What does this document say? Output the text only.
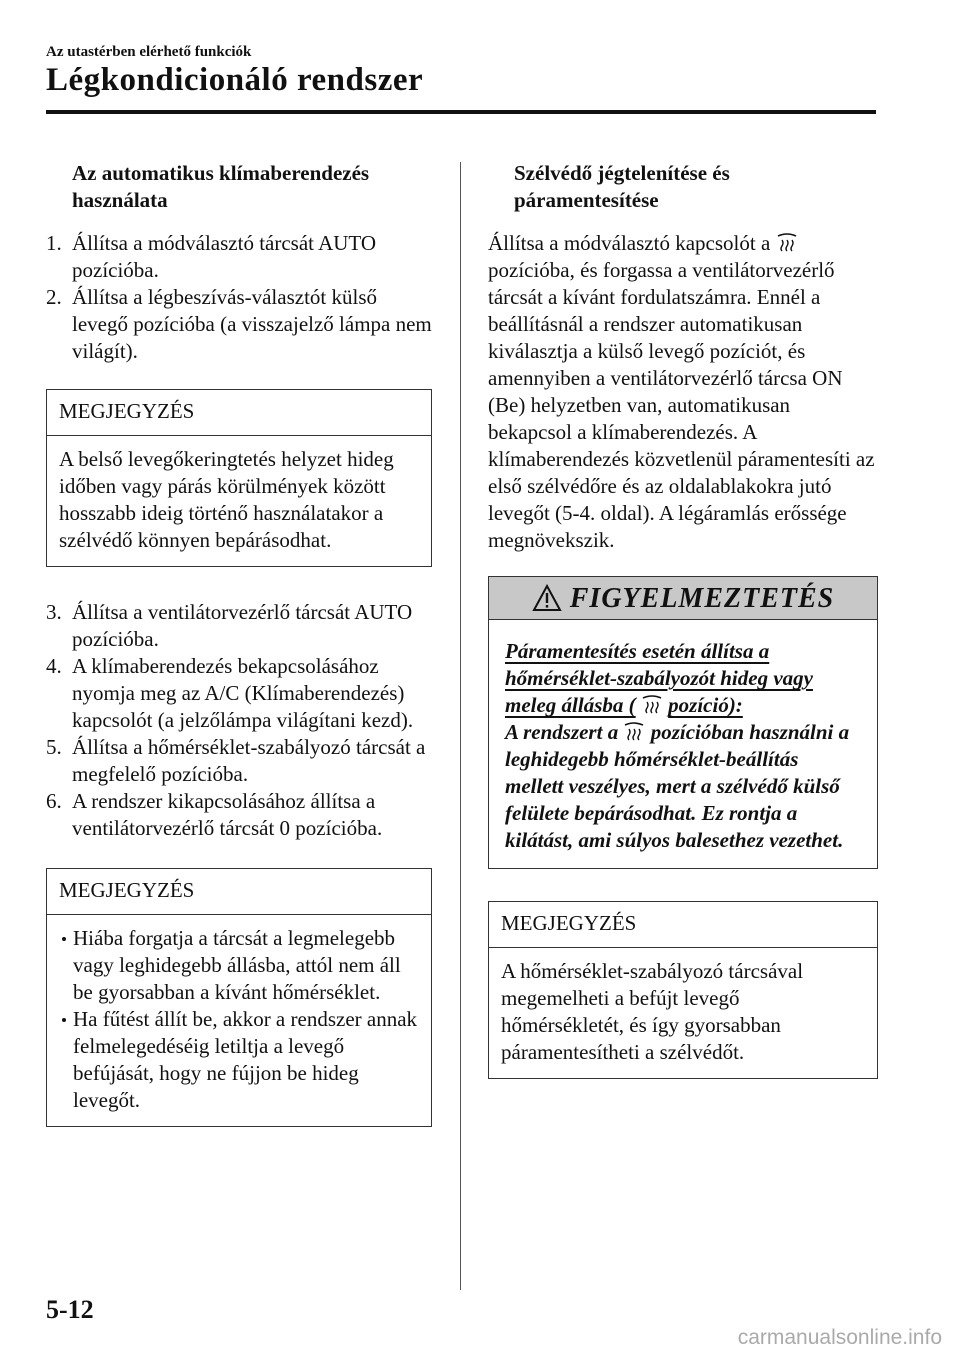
Az utastérben elérhető funkciók
Légkondicionáló rendszer
Az automatikus klímaberendezés használata
1. Állítsa a módválasztó tárcsát AUTO pozícióba.
2. Állítsa a légbeszívás-választót külső levegő pozícióba (a visszajelző lámpa nem világít).
MEGJEGYZÉS
A belső levegőkeringtetés helyzet hideg időben vagy párás körülmények között hosszabb ideig történő használatakor a szélvédő könnyen bepárásodhat.
3. Állítsa a ventilátorvezérlő tárcsát AUTO pozícióba.
4. A klímaberendezés bekapcsolásához nyomja meg az A/C (Klímaberendezés) kapcsolót (a jelzőlámpa világítani kezd).
5. Állítsa a hőmérséklet-szabályozó tárcsát a megfelelő pozícióba.
6. A rendszer kikapcsolásához állítsa a ventilátorvezérlő tárcsát 0 pozícióba.
MEGJEGYZÉS
Hiába forgatja a tárcsát a legmelegebb vagy leghidegebb állásba, attól nem áll be gyorsabban a kívánt hőmérséklet.
Ha fűtést állít be, akkor a rendszer annak felmelegedéséig letiltja a levegő befújását, hogy ne fújjon be hideg levegőt.
Szélvédő jégtelenítése és páramentesítése

Állítsa a módválasztó kapcsolót a  pozícióba, és forgassa a ventilátorvezérlő tárcsát a kívánt fordulatszámra. Ennél a beállításnál a rendszer automatikusan kiválasztja a külső levegő pozíciót, és amennyiben a ventilátorvezérlő tárcsa ON (Be) helyzetben van, automatikusan bekapcsol a klímaberendezés. A klímaberendezés közvetlenül páramentesíti az első szélvédőre és az oldalablakokra jutó levegőt (5-4. oldal). A légáramlás erőssége megnövekszik.

FIGYELMEZTETÉS
Páramentesítés esetén állítsa a hőmérséklet-szabályozót hideg vagy meleg állásba ( pozíció):
A rendszert a pozícióban használni a leghidegebb hőmérséklet-beállítás mellett veszélyes, mert a szélvédő külső felülete bepárásodhat. Ez rontja a kilátást, ami súlyos balesethez vezethet.
MEGJEGYZÉS
A hőmérséklet-szabályozó tárcsával megemelheti a befújt levegő hőmérsékletét, és így gyorsabban páramentesítheti a szélvédőt.
5-12
carmanualsonline.info
